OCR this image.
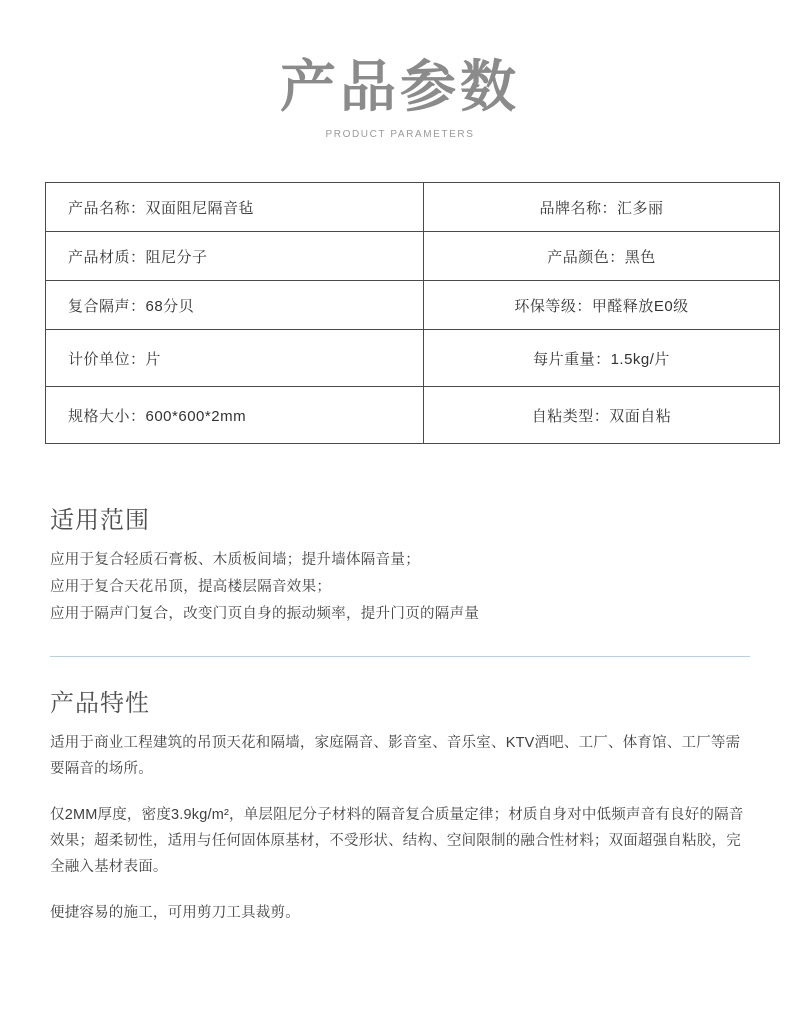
产品参数
PRODUCT PARAMETERS
产品名称：双面阻尼隔音毡	品牌名称：汇多丽
产品材质：阻尼分子	产品颜色：黑色
复合隔声：68分贝	环保等级：甲醛释放E0级
计价单位：片	每片重量：1.5kg/片
规格大小：600*600*2mm	自粘类型：双面自粘
适用范围
应用于复合轻质石膏板、木质板间墙；提升墙体隔音量；
应用于复合天花吊顶，提高楼层隔音效果；
应用于隔声门复合，改变门页自身的振动频率，提升门页的隔声量
产品特性

适用于商业工程建筑的吊顶天花和隔墙，家庭隔音、影音室、音乐室、KTV酒吧、工厂、体育馆、工厂等需要隔音的场所。

仅2MM厚度，密度3.9kg/m²，单层阻尼分子材料的隔音复合质量定律；材质自身对中低频声音有良好的隔音效果；超柔韧性，适用与任何固体原基材，不受形状、结构、空间限制的融合性材料；双面超强自粘胶，完全融入基材表面。

便捷容易的施工，可用剪刀工具裁剪。
